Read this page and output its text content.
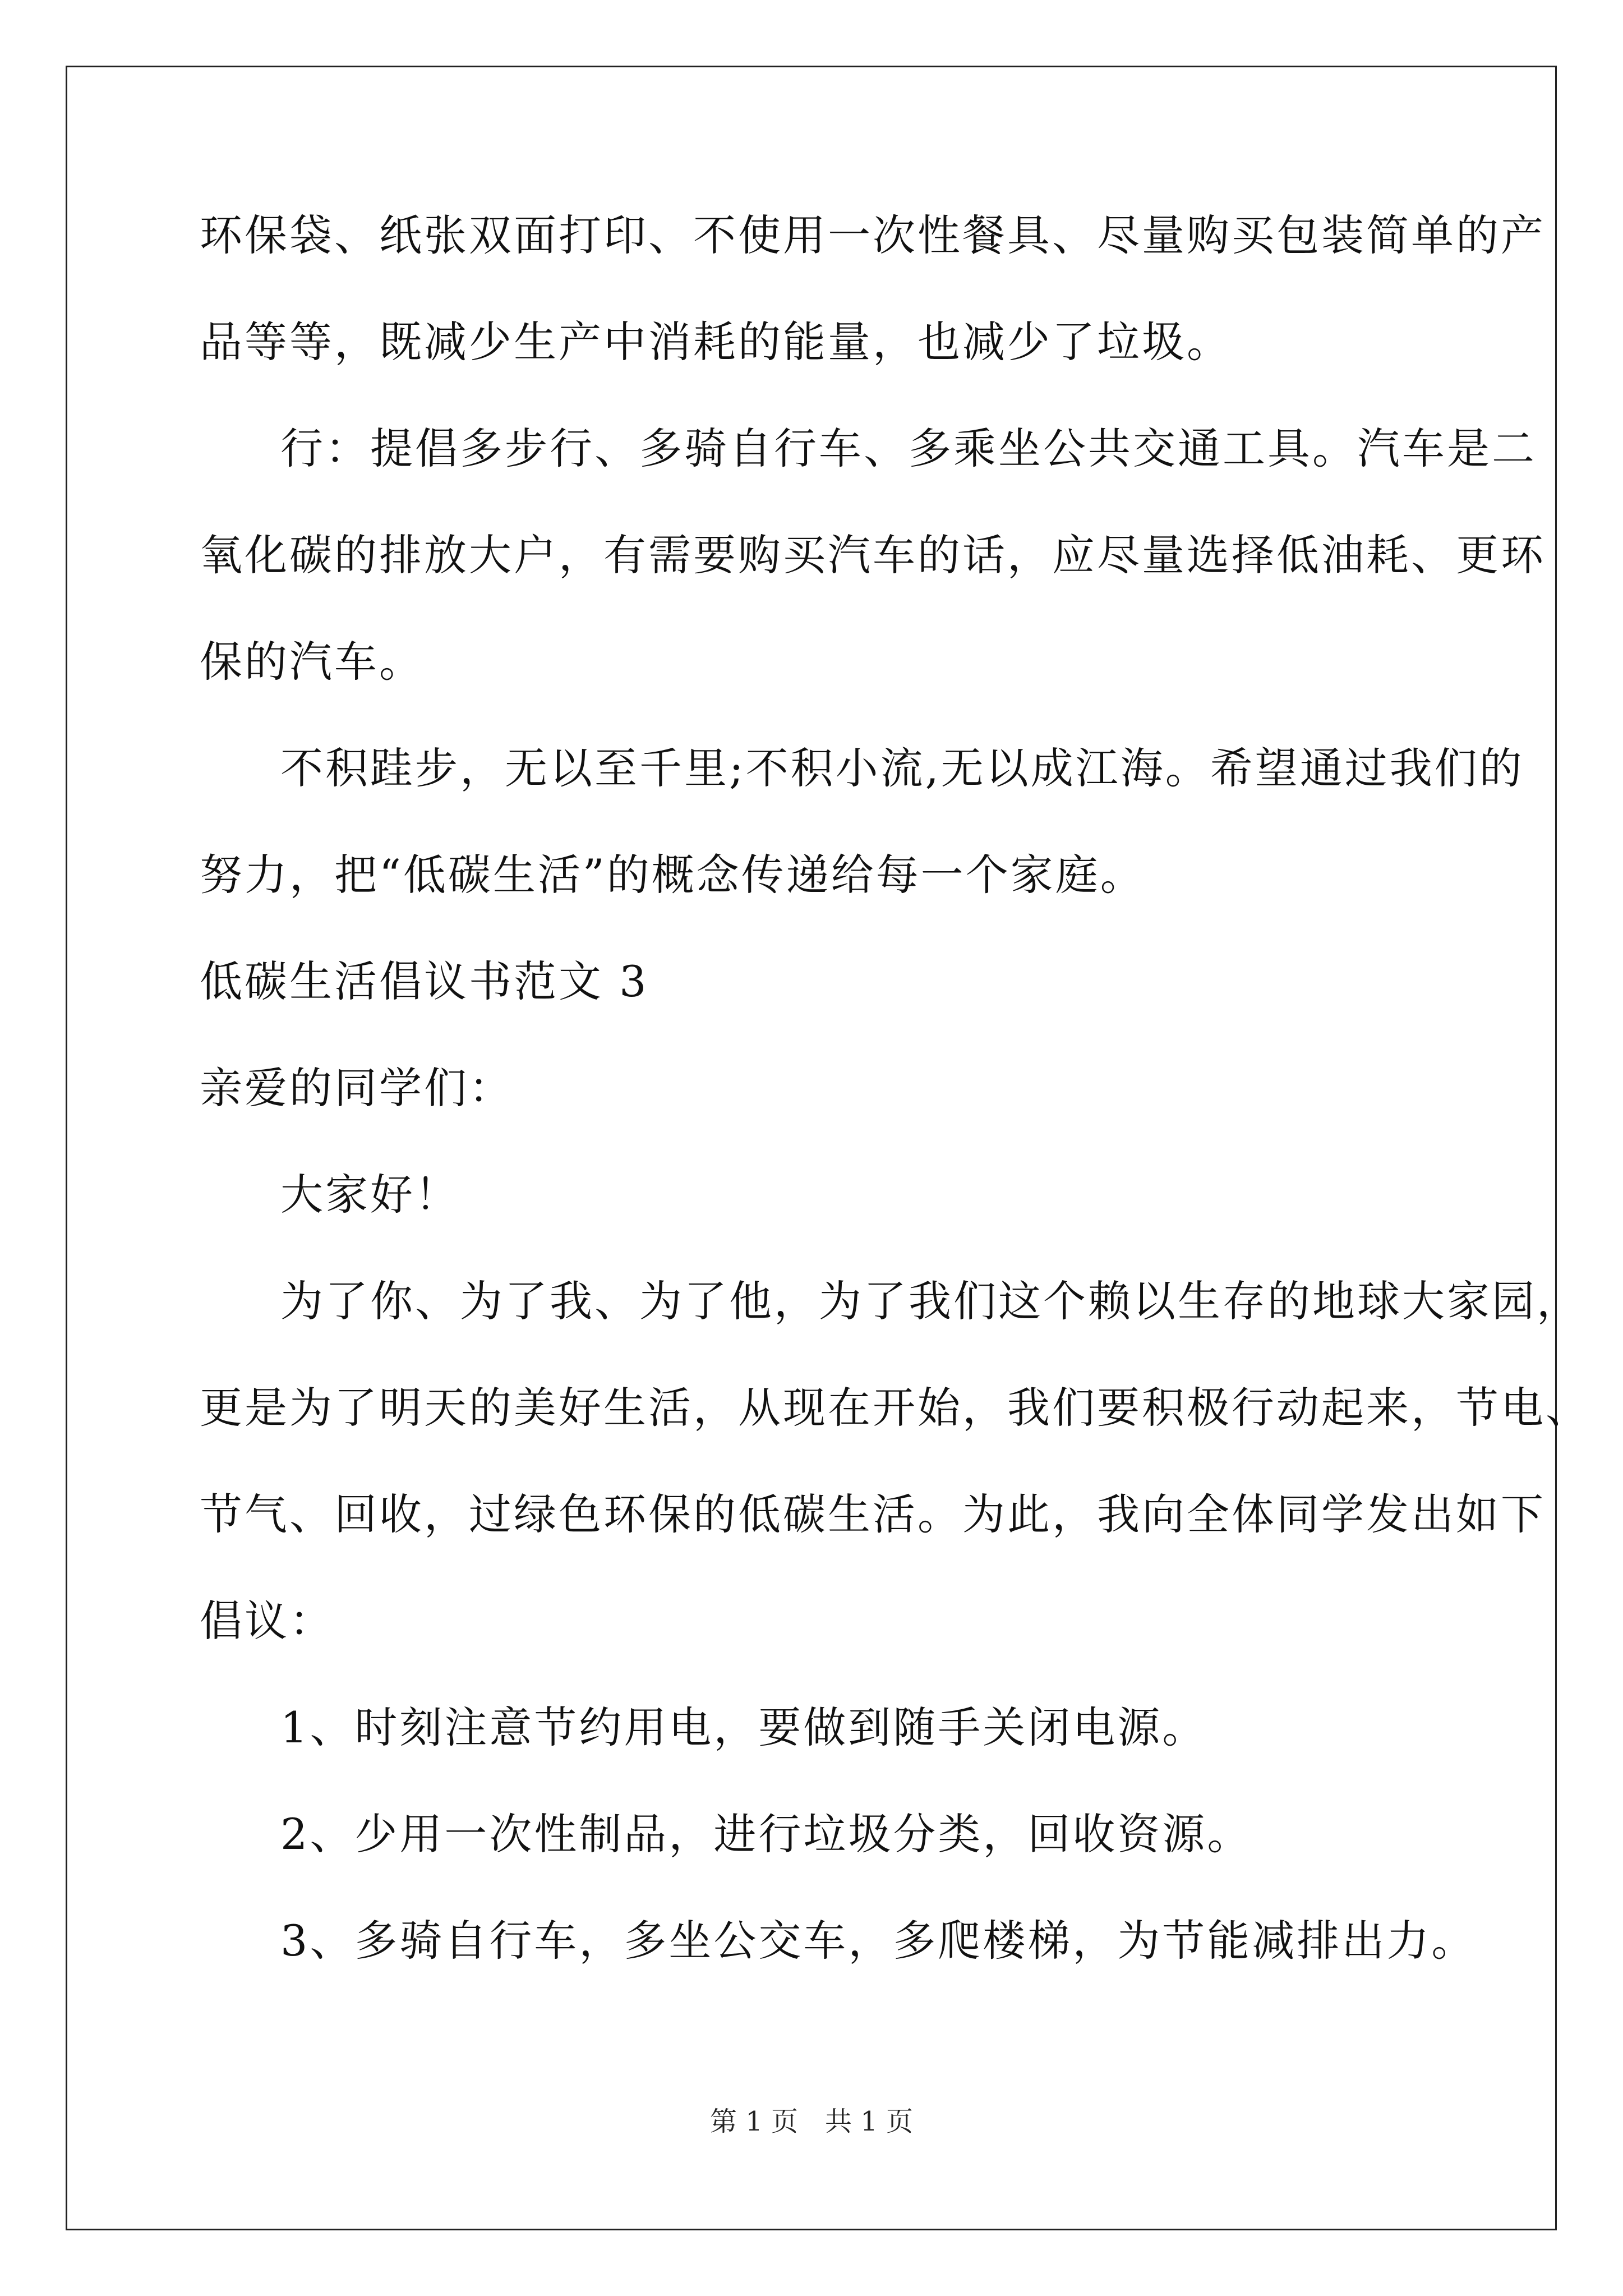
环保袋、纸张双面打印、不使用一次性餐具、尽量购买包装简单的产
品等等，既减少生产中消耗的能量，也减少了垃圾。
行：提倡多步行、多骑自行车、多乘坐公共交通工具。汽车是二
氧化碳的排放大户，有需要购买汽车的话，应尽量选择低油耗、更环
保的汽车。
不积跬步，无以至千里;不积小流,无以成江海。希望通过我们的
努力，把“低碳生活”的概念传递给每一个家庭。
低碳生活倡议书范文 3
亲爱的同学们：
大家好！
为了你、为了我、为了他，为了我们这个赖以生存的地球大家园，
更是为了明天的美好生活，从现在开始，我们要积极行动起来，节电、
节气、回收，过绿色环保的低碳生活。为此，我向全体同学发出如下
倡议：
1、时刻注意节约用电，要做到随手关闭电源。
2、少用一次性制品，进行垃圾分类，回收资源。
3、多骑自行车，多坐公交车，多爬楼梯，为节能减排出力。
第 1 页　共 1 页
